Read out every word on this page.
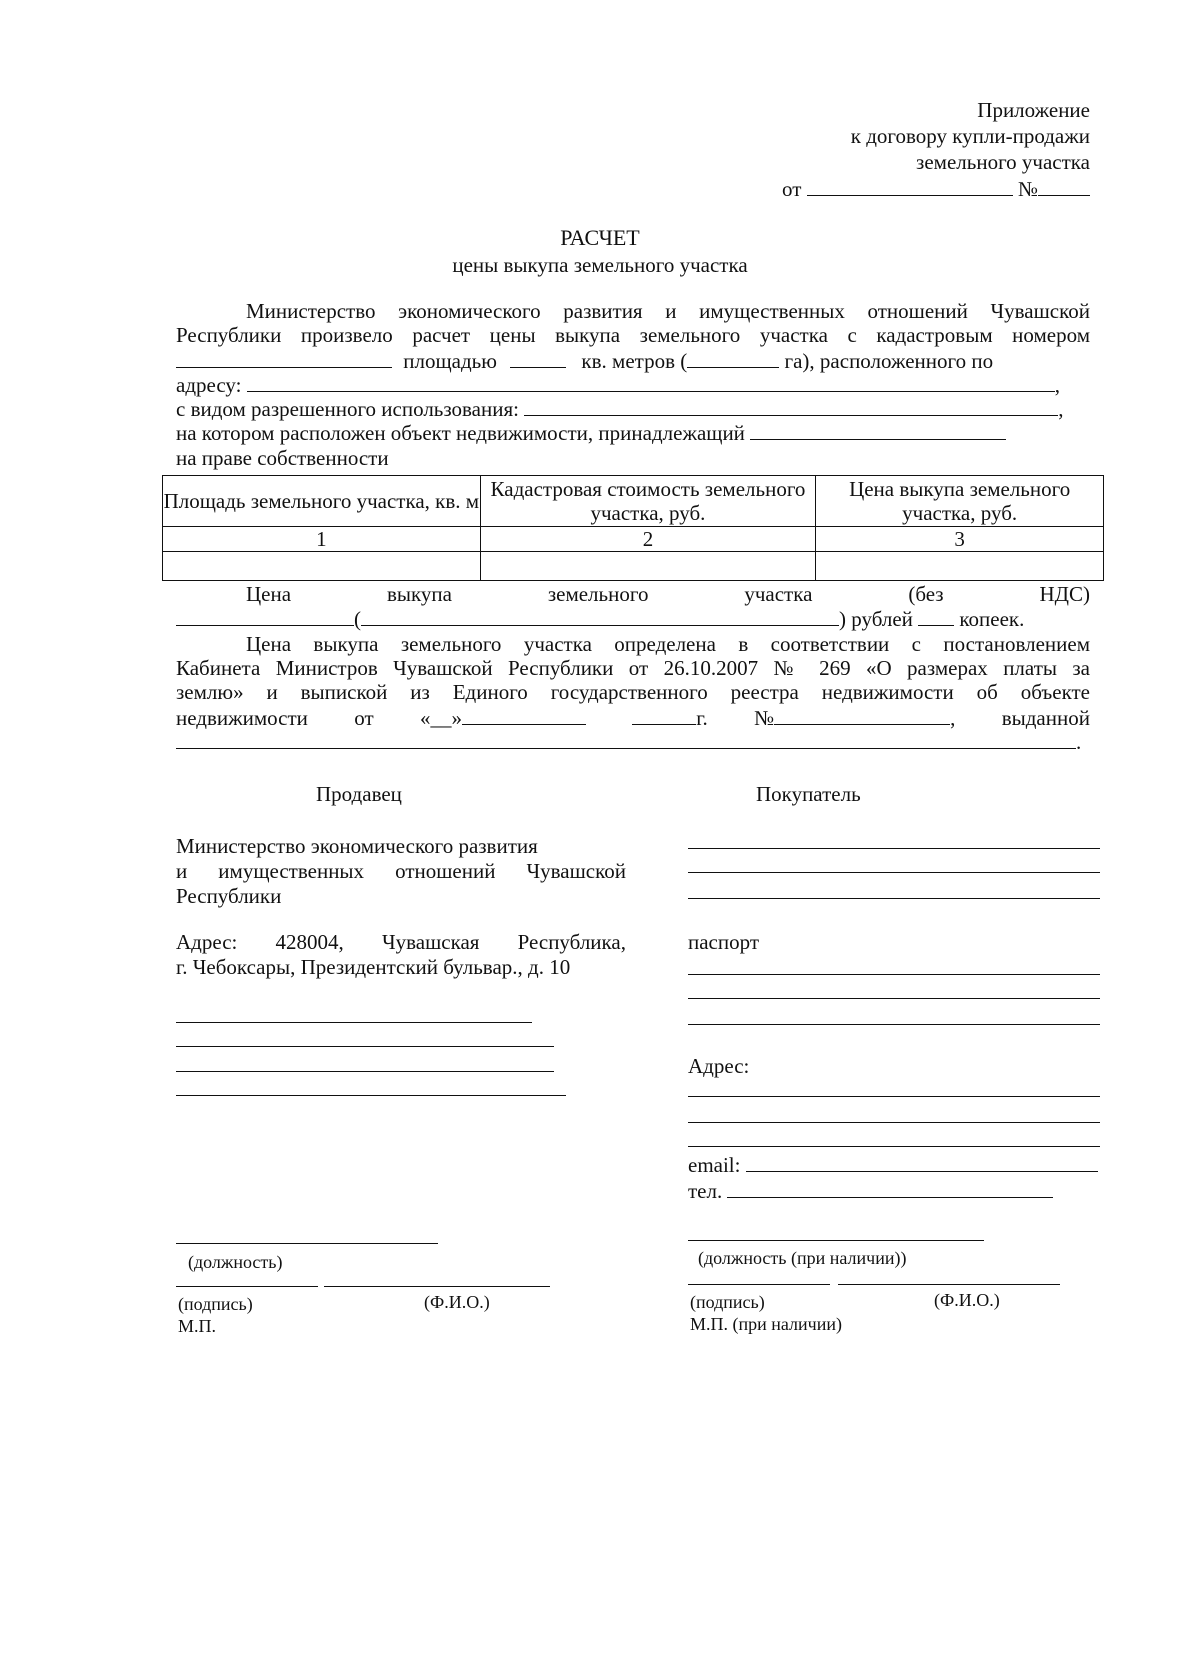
Приложение
к договору купли-продажи
земельного участка
от	№
РАСЧЕТ
цены выкупа земельного участка
Министерство экономического развития и имущественных отношений Чувашской
Республики произвело расчет цены выкупа земельного участка с кадастровым номером
площадью	кв. метров (	га), расположенного по
адресу:	,
с видом разрешенного использования:	,
на котором расположен объект недвижимости, принадлежащий
на праве собственности
Площадь земельного участка, кв. м	Кадастровая стоимость земельного участка, руб.	Цена выкупа земельного участка, руб.
1	2	3

Цена	выкупа	земельного	участка	(без	НДС)
(	) рублей копеек.
Цена выкупа земельного участка определена в соответствии с постановлением
Кабинета Министров Чувашской Республики от 26.10.2007 № 269 «О размерах платы за
землю» и выпиской из Единого государственного реестра недвижимости об объекте
недвижимости от «__»	г. №	, выданной
.
Продавец
Министерство экономического развития
и имущественных отношений Чувашской
Республики
Адрес: 428004, Чувашская Республика,
г. Чебоксары, Президентский бульвар., д. 10
(должность)
(подпись)	(Ф.И.О.)
М.П.
Покупатель
паспорт
Адрес:
email:
тел.
(должность (при наличии))
(подпись)	(Ф.И.О.)
М.П. (при наличии)
